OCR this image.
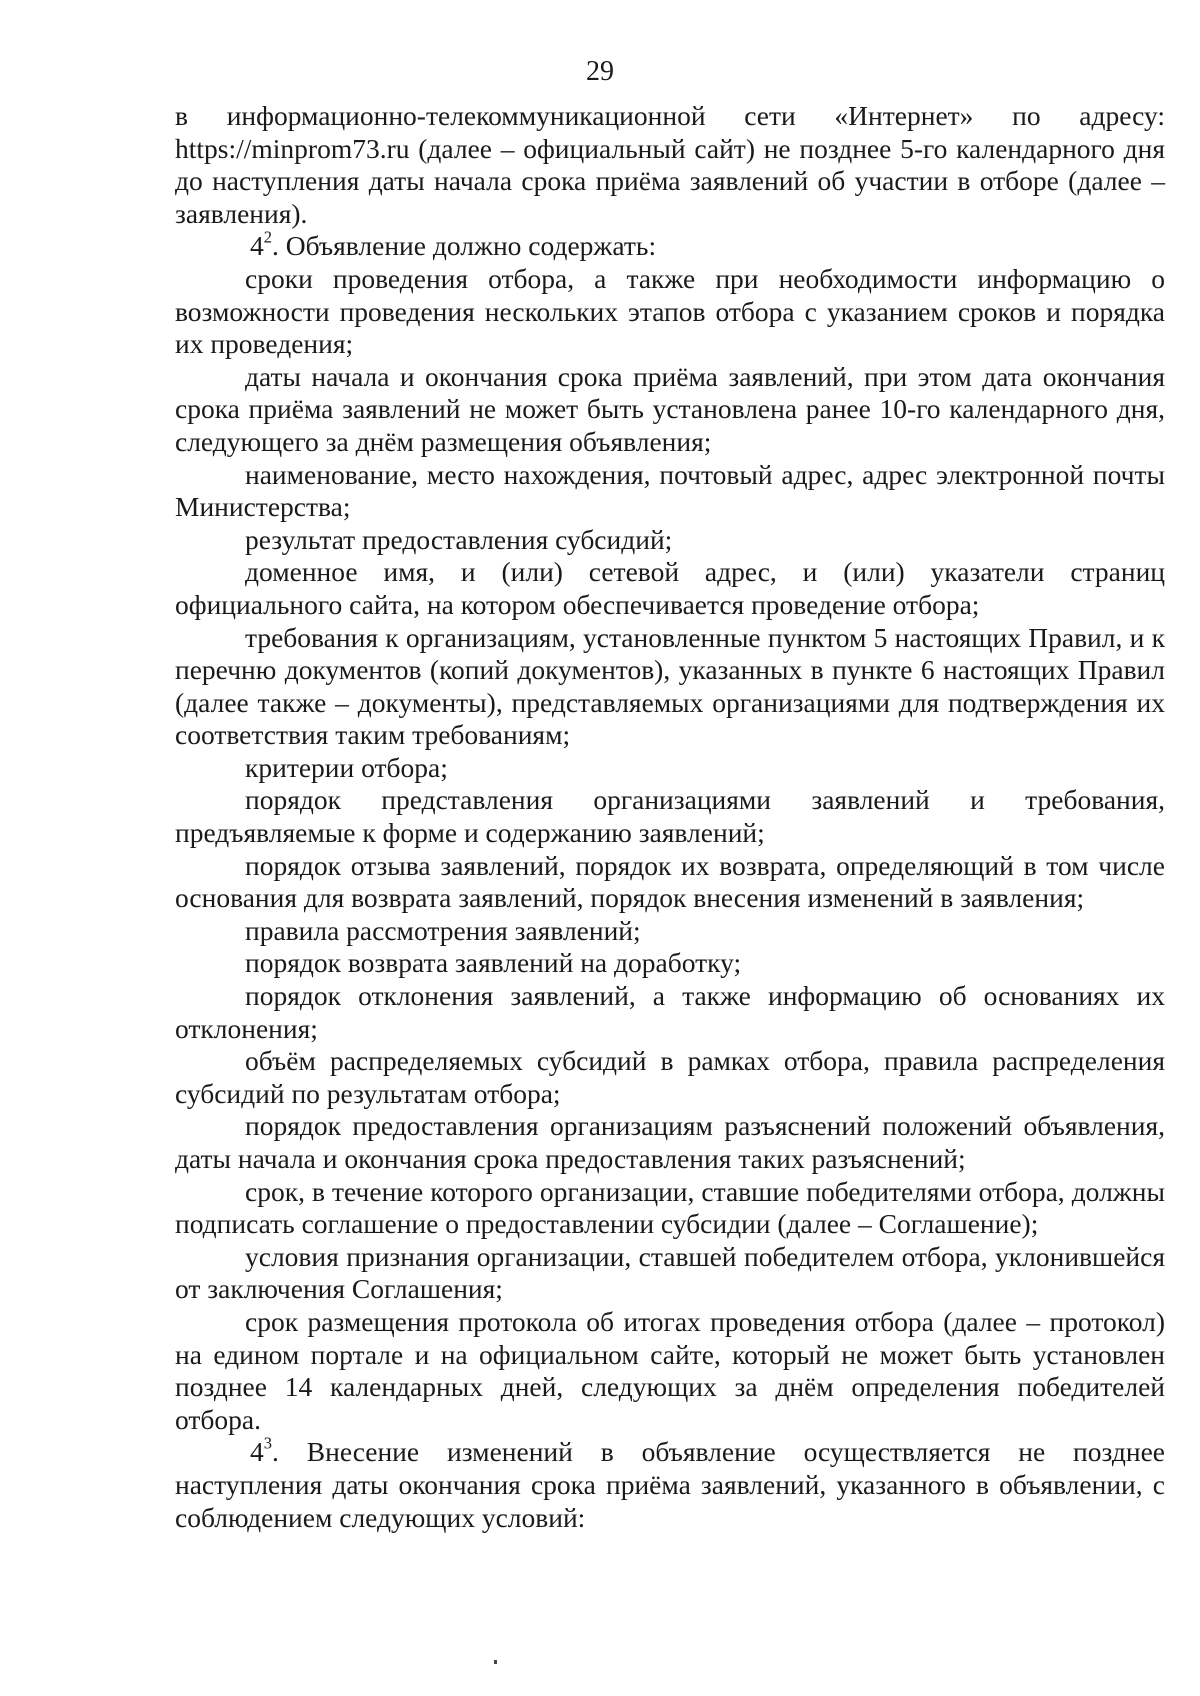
29

в информационно-телекоммуникационной сети «Интернет» по адресу: https://minprom73.ru (далее – официальный сайт) не позднее 5-го календарного дня до наступления даты начала срока приёма заявлений об участии в отборе (далее – заявления).

$4^2$. Объявление должно содержать:

сроки проведения отбора, а также при необходимости информацию о возможности проведения нескольких этапов отбора с указанием сроков и порядка их проведения;

даты начала и окончания срока приёма заявлений, при этом дата окончания срока приёма заявлений не может быть установлена ранее 10-го календарного дня, следующего за днём размещения объявления;

наименование, место нахождения, почтовый адрес, адрес электронной почты Министерства;

результат предоставления субсидий;

доменное имя, и (или) сетевой адрес, и (или) указатели страниц официального сайта, на котором обеспечивается проведение отбора;

требования к организациям, установленные пунктом 5 настоящих Правил, и к перечню документов (копий документов), указанных в пункте 6 настоящих Правил (далее также – документы), представляемых организациями для подтверждения их соответствия таким требованиям;

критерии отбора;

порядок представления организациями заявлений и требования, предъявляемые к форме и содержанию заявлений;

порядок отзыва заявлений, порядок их возврата, определяющий в том числе основания для возврата заявлений, порядок внесения изменений в заявления;

правила рассмотрения заявлений;

порядок возврата заявлений на доработку;

порядок отклонения заявлений, а также информацию об основаниях их отклонения;

объём распределяемых субсидий в рамках отбора, правила распределения субсидий по результатам отбора;

порядок предоставления организациям разъяснений положений объявления, даты начала и окончания срока предоставления таких разъяснений;

срок, в течение которого организации, ставшие победителями отбора, должны подписать соглашение о предоставлении субсидии (далее – Соглашение);

условия признания организации, ставшей победителем отбора, уклонившейся от заключения Соглашения;

срок размещения протокола об итогах проведения отбора (далее – протокол) на едином портале и на официальном сайте, который не может быть установлен позднее 14 календарных дней, следующих за днём определения победителей отбора.

$4^3$. Внесение изменений в объявление осуществляется не позднее наступления даты окончания срока приёма заявлений, указанного в объявлении, с соблюдением следующих условий:
